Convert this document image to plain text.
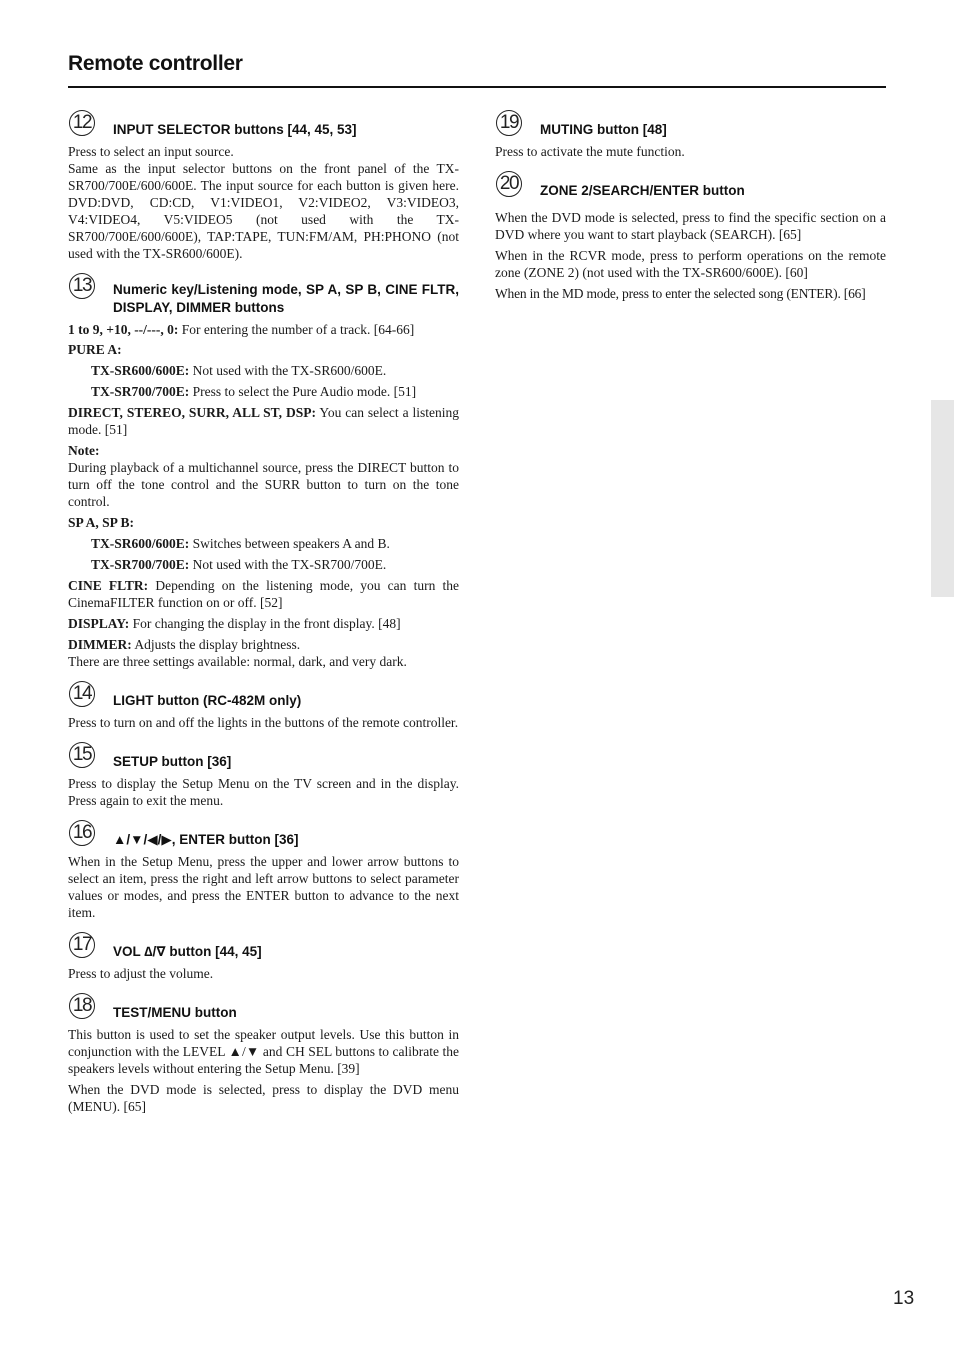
Remote controller
12 INPUT SELECTOR buttons [44, 45, 53]

Press to select an input source.

Same as the input selector buttons on the front panel of the TX-SR700/700E/600/600E. The input source for each button is given here. DVD:DVD, CD:CD, V1:VIDEO1, V2:VIDEO2, V3:VIDEO3, V4:VIDEO4, V5:VIDEO5 (not used with the TX-SR700/700E/600/600E), TAP:TAPE, TUN:FM/AM, PH:PHONO (not used with the TX-SR600/600E).

13 Numeric key/Listening mode, SP A, SP B, CINE FLTR, DISPLAY, DIMMER buttons

1 to 9, +10, --/---, 0: For entering the number of a track. [64-66]

PURE A:

TX-SR600/600E: Not used with the TX-SR600/600E.

TX-SR700/700E: Press to select the Pure Audio mode. [51]

DIRECT, STEREO, SURR, ALL ST, DSP: You can select a listening mode. [51]

Note:

During playback of a multichannel source, press the DIRECT button to turn off the tone control and the SURR button to turn on the tone control.

SP A, SP B:

TX-SR600/600E: Switches between speakers A and B.

TX-SR700/700E: Not used with the TX-SR700/700E.

CINE FLTR: Depending on the listening mode, you can turn the CinemaFILTER function on or off. [52]

DISPLAY: For changing the display in the front display. [48]

DIMMER: Adjusts the display brightness.

There are three settings available: normal, dark, and very dark.

14 LIGHT button (RC-482M only)

Press to turn on and off the lights in the buttons of the remote controller.

15 SETUP button [36]

Press to display the Setup Menu on the TV screen and in the display. Press again to exit the menu.

16 ▲/▼/◀/▶, ENTER button [36]

When in the Setup Menu, press the upper and lower arrow buttons to select an item, press the right and left arrow buttons to select parameter values or modes, and press the ENTER button to advance to the next item.

17 VOL ∆/∇ button [44, 45]

Press to adjust the volume.

18 TEST/MENU button

This button is used to set the speaker output levels. Use this button in conjunction with the LEVEL ▲/▼ and CH SEL buttons to calibrate the speakers levels without entering the Setup Menu. [39]

When the DVD mode is selected, press to display the DVD menu (MENU). [65]

19 MUTING button [48]

Press to activate the mute function.

20 ZONE 2/SEARCH/ENTER button

When the DVD mode is selected, press to find the specific section on a DVD where you want to start playback (SEARCH). [65]

When in the RCVR mode, press to perform operations on the remote zone (ZONE 2) (not used with the TX-SR600/600E). [60]

When in the MD mode, press to enter the selected song (ENTER). [66]

13
